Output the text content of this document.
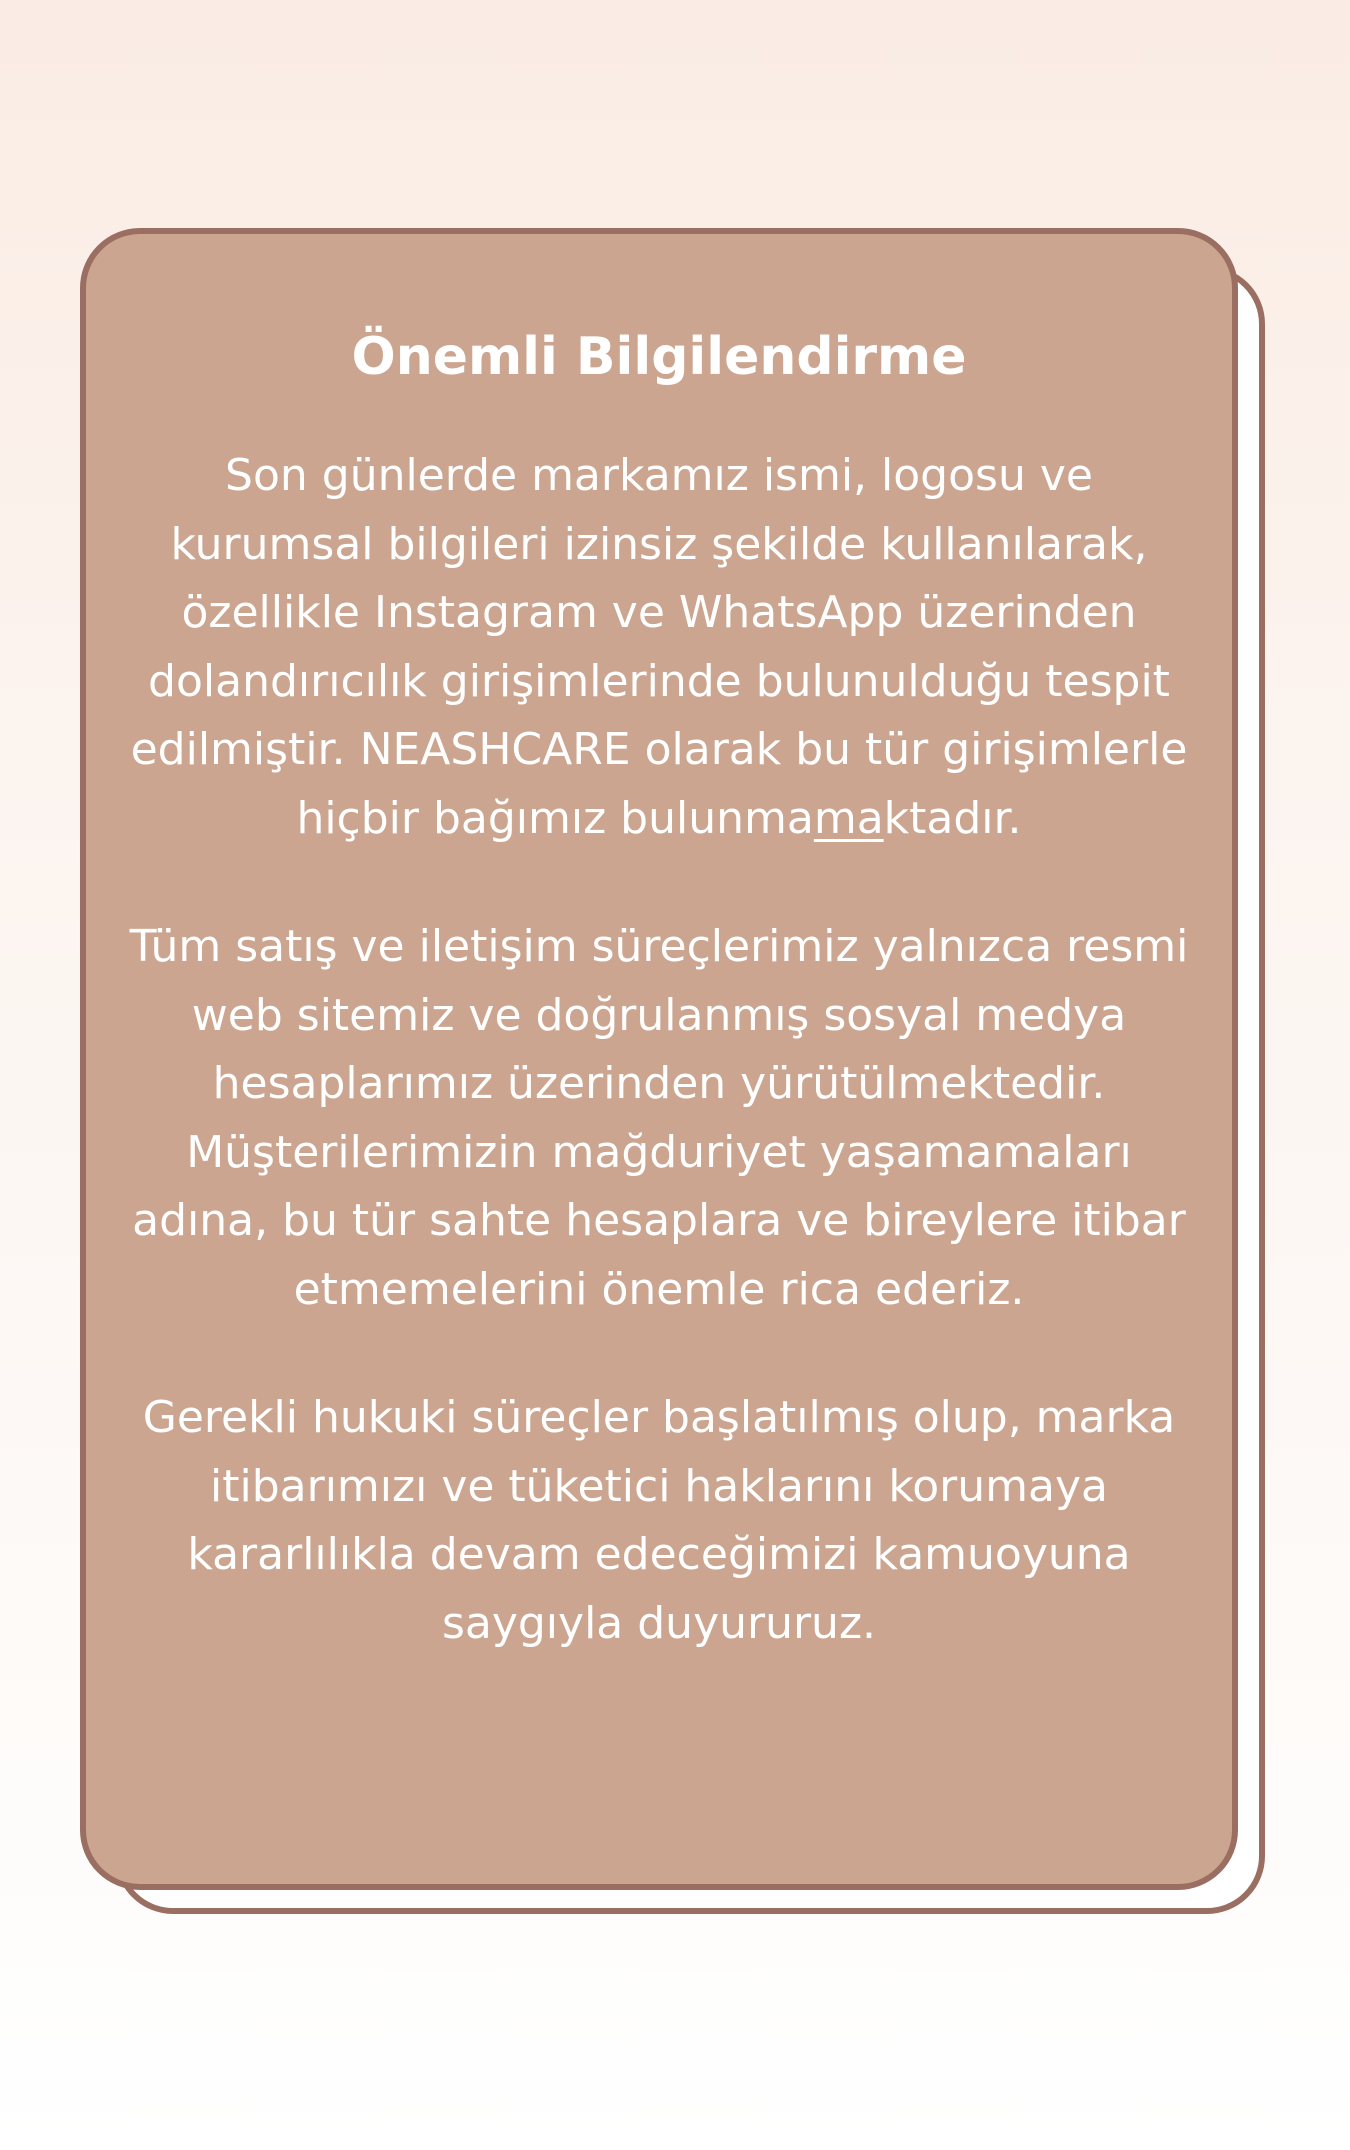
Önemli Bilgilendirme

Son günlerde markamız ismi, logosu ve kurumsal bilgileri izinsiz şekilde kullanılarak, özellikle Instagram ve WhatsApp üzerinden dolandırıcılık girişimlerinde bulunulduğu tespit edilmiştir. NEASHCARE olarak bu tür girişimlerle hiçbir bağımız bulunmamaktadır.

Tüm satış ve iletişim süreçlerimiz yalnızca resmi web sitemiz ve doğrulanmış sosyal medya hesaplarımız üzerinden yürütülmektedir. Müşterilerimizin mağduriyet yaşamamaları adına, bu tür sahte hesaplara ve bireylere itibar etmemelerini önemle rica ederiz.

Gerekli hukuki süreçler başlatılmış olup, marka itibarımızı ve tüketici haklarını korumaya kararlılıkla devam edeceğimizi kamuoyuna saygıyla duyururuz.
